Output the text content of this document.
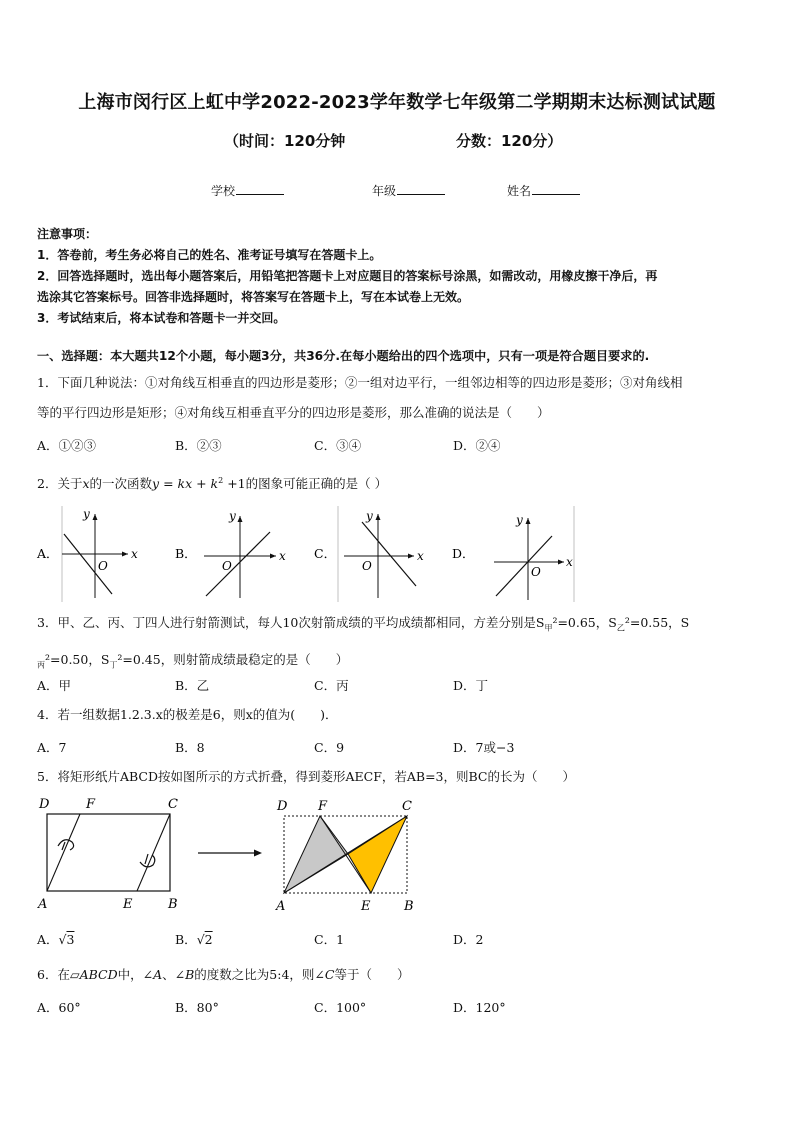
上海市闵行区上虹中学2022-2023学年数学七年级第二学期期末达标测试试题
（时间：120分钟	分数：120分）
学校	年级	姓名
注意事项：
1．答卷前，考生务必将自己的姓名、准考证号填写在答题卡上。
2．回答选择题时，选出每小题答案后，用铅笔把答题卡上对应题目的答案标号涂黑，如需改动，用橡皮擦干净后，再
选涂其它答案标号。回答非选择题时，将答案写在答题卡上，写在本试卷上无效。
3．考试结束后，将本试卷和答题卡一并交回。
一、选择题：本大题共12个小题，每小题3分，共36分.在每小题给出的四个选项中，只有一项是符合题目要求的.
1．下面几种说法：①对角线互相垂直的四边形是菱形；②一组对边平行，一组邻边相等的四边形是菱形；③对角线相
等的平行四边形是矩形；④对角线互相垂直平分的四边形是菱形，那么准确的说法是（　　）
A．①②③	B．②③	C．③④	D．②④
2．关于x的一次函数y = kx + $k^2 +1$的图象可能正确的是（ ）
A．	x
y
O
B．	x
y
O
C．	x
y
O
D．
x
y
O
3．甲、乙、丙、丁四人进行射箭测试，每人10次射箭成绩的平均成绩都相同，方差分别是$S_甲^2=0.65$，$S_乙^2=0.55$，S
$_丙$²=0.50，$S_丁^2=0.45$，则射箭成绩最稳定的是（　　）
A．甲	B．乙	C．丙	D．丁
4．若一组数据1.2.3.x的极差是6，则x的值为(　　)．
A．7	B．8	C．9	D．7或−3
5．将矩形纸片ABCD按如图所示的方式折叠，得到菱形AECF，若AB=3，则BC的长为（　　）
D	F	C
A	E	B
D F	C
A	E	B
A．√3	B．√2	C．1	D．2
6．在▱ABCD中，∠A、∠B的度数之比为5:4，则∠C等于（　　）
A．60°	B．80°	C．100°	D．120°
